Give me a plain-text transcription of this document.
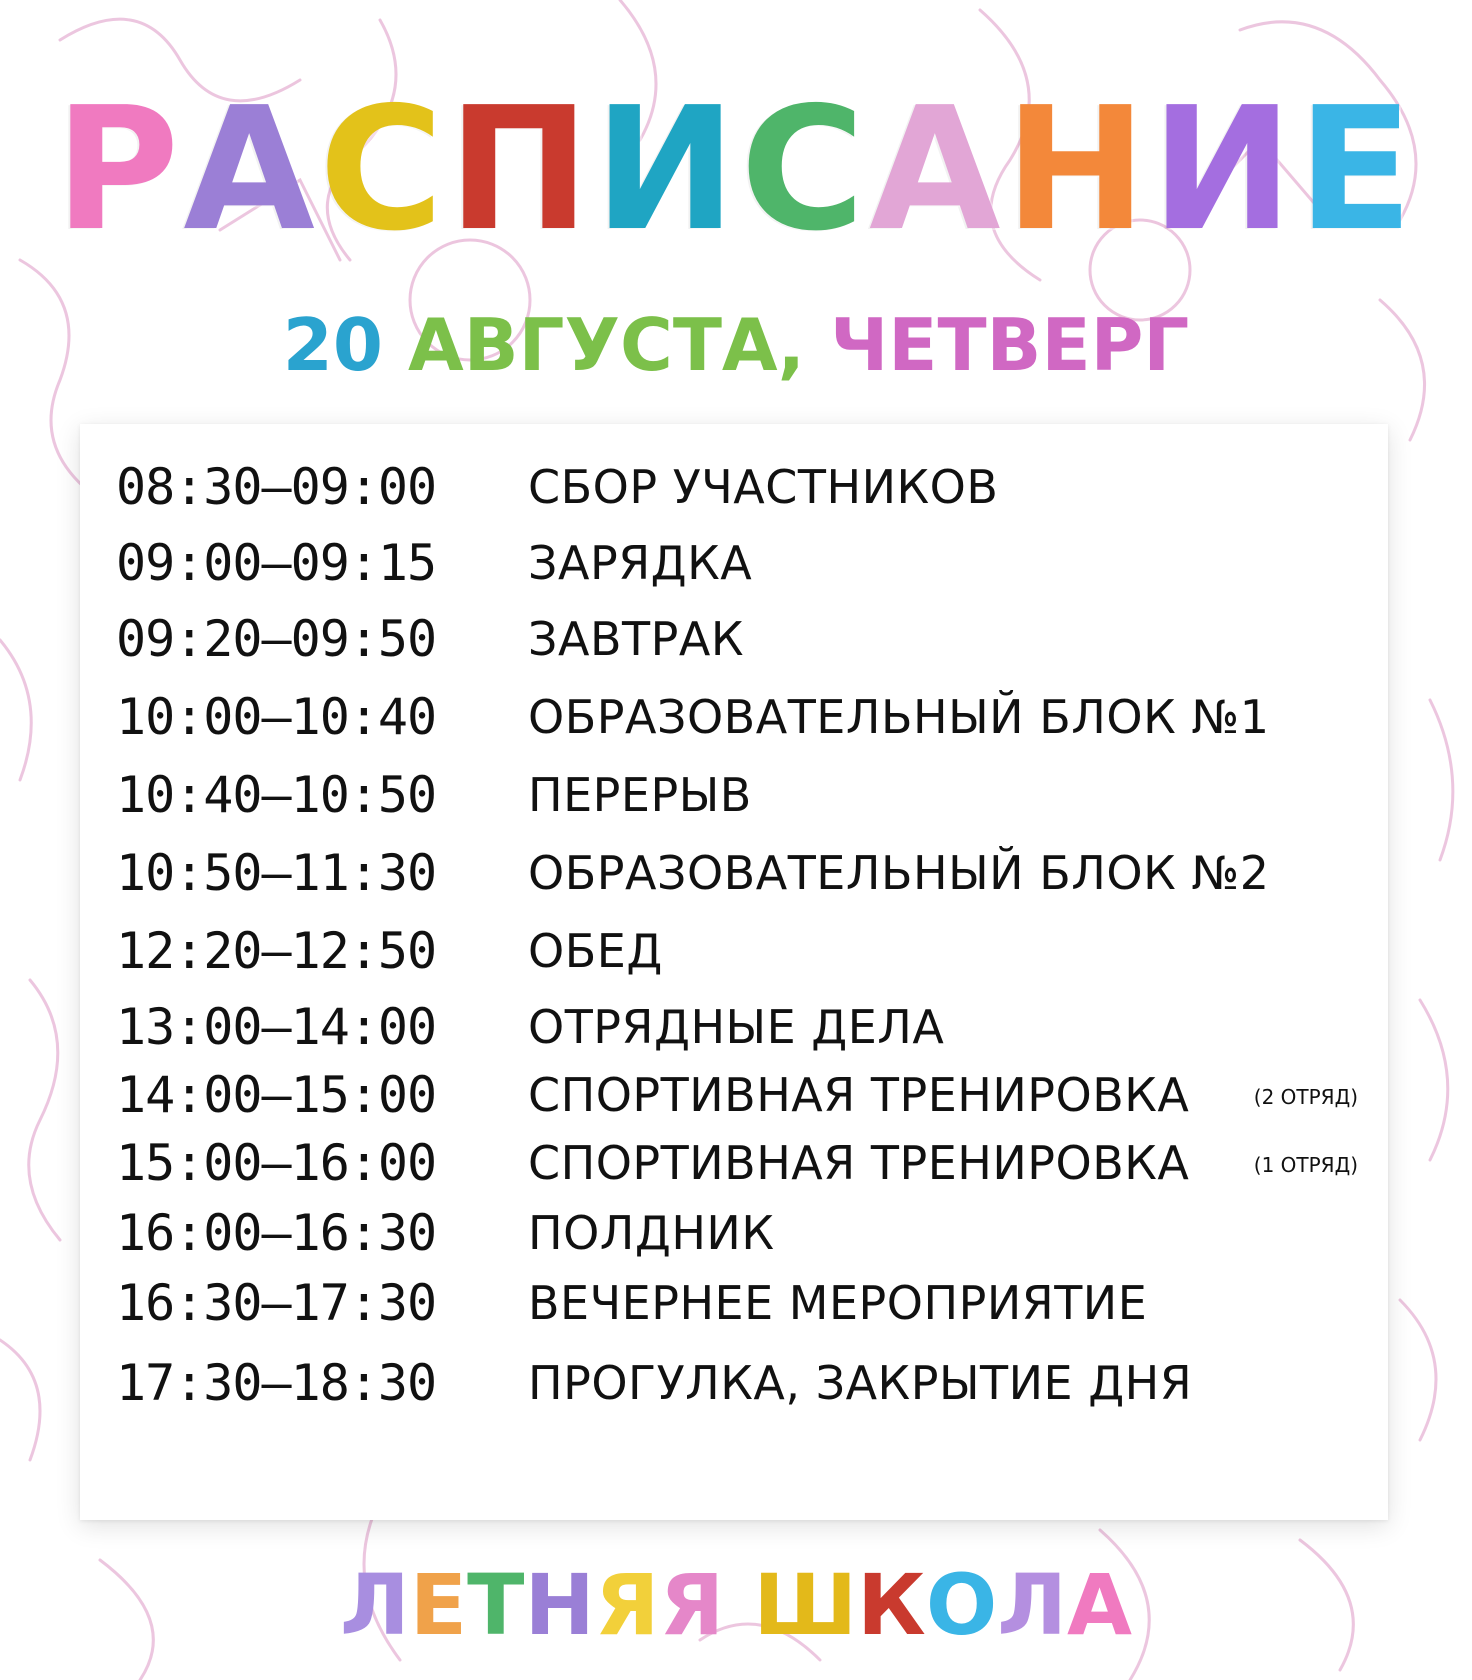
РАСПИСАНИЕ
20 АВГУСТА, ЧЕТВЕРГ
08:30–09:00	СБОР УЧАСТНИКОВ
09:00–09:15	ЗАРЯДКА
09:20–09:50	ЗАВТРАК
10:00–10:40	ОБРАЗОВАТЕЛЬНЫЙ БЛОК №1
10:40–10:50	ПЕРЕРЫВ
10:50–11:30	ОБРАЗОВАТЕЛЬНЫЙ БЛОК №2
12:20–12:50	ОБЕД
13:00–14:00	ОТРЯДНЫЕ ДЕЛА
14:00–15:00	СПОРТИВНАЯ ТРЕНИРОВКА	(2 ОТРЯД)
15:00–16:00	СПОРТИВНАЯ ТРЕНИРОВКА	(1 ОТРЯД)
16:00–16:30	ПОЛДНИК
16:30–17:30	ВЕЧЕРНЕЕ МЕРОПРИЯТИЕ
17:30–18:30	ПРОГУЛКА, ЗАКРЫТИЕ ДНЯ
ЛЕТНЯЯ ШКОЛА
